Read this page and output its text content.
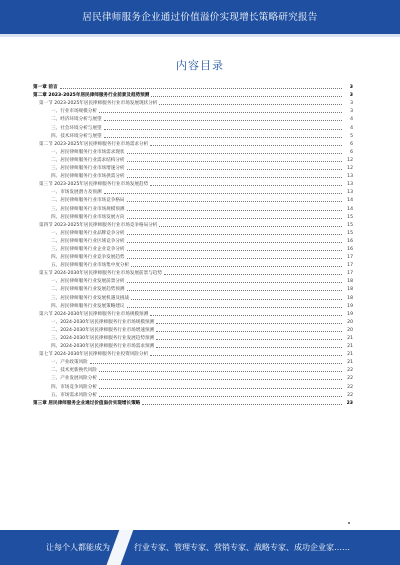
居民律师服务企业通过价值溢价实现增长策略研究报告
内容目录
第一章 前言	3
第二章 2023-2025年居民律师服务行业前景及趋势预测	3
第一节 2023-2025年居民律师服务行业市场发展现状分析	3
一、行业市场规模分析	3
二、经济环境分析与展望	4
三、社会环境分析与展望	4
四、技术环境分析与展望	5
第二节 2023-2025年居民律师服务行业市场需求分析	6
一、居民律师服务行业市场需求现状	6
二、居民律师服务行业需求结构分析	12
三、居民律师服务行业市场增速分析	12
四、居民律师服务行业市场供需分析	13
第三节 2023-2025年居民律师服务行业市场发展趋势	13
一、市场发展潜力及预测	13
二、居民律师服务行业市场竞争格局	14
三、居民律师服务行业市场规模预测	14
四、居民律师服务行业市场发展方向	15
第四节 2023-2025年居民律师服务行业市场竞争格局分析	15
一、居民律师服务行业品牌竞争分析	15
二、居民律师服务行业区域竞争分析	16
三、居民律师服务行业企业竞争分析	16
四、居民律师服务行业竞争发展趋势	17
五、居民律师服务行业市场集中度分析	17
第五节 2024-2030年居民律师服务行业市场发展前景与趋势	17
一、居民律师服务行业发展前景分析	18
二、居民律师服务行业发展趋势预测	18
三、居民律师服务行业发展机遇及挑战	18
四、居民律师服务行业发展策略建议	19
第六节 2024-2030年居民律师服务行业市场规模预测	19
一、2024-2030年居民律师服务行业市场规模预测	20
二、2024-2030年居民律师服务行业市场增速预测	20
三、2024-2030年居民律师服务行业发展趋势预测	21
四、2024-2030年居民律师服务行业市场需求预测	21
第七节 2024-2030年居民律师服务行业投资风险分析	21
一、产业政策风险	21
二、技术更新换代风险	22
三、产业发展风险分析	22
四、市场竞争风险分析	22
五、市场需求风险分析	22
第三章 居民律师服务企业通过价值溢价实现增长策略	23
让每个人都能成为	行业专家、管理专家、营销专家、战略专家、成功企业家……
